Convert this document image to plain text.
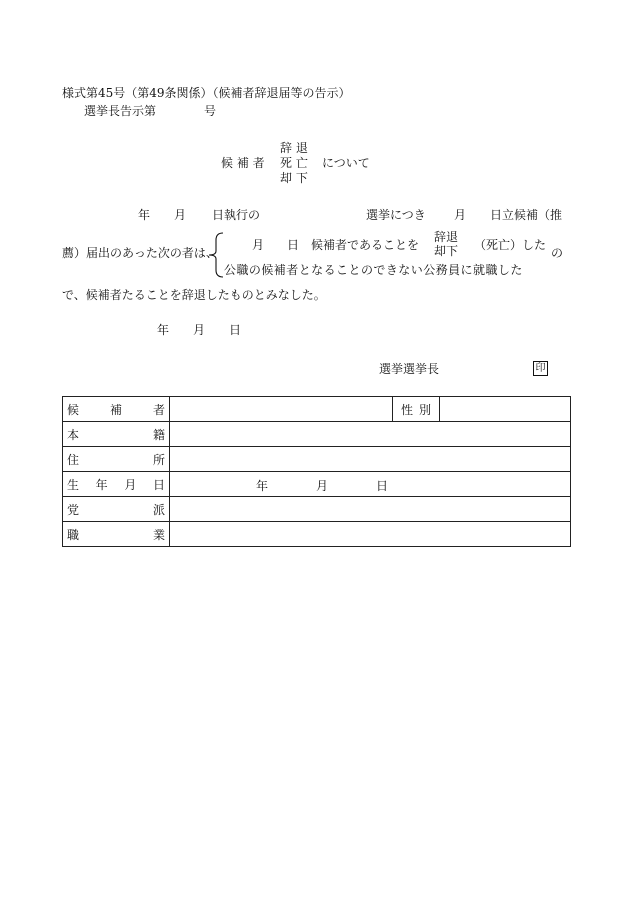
様式第45号（第49条関係）（候補者辞退届等の告示）
選挙長告示第	号
辞 退
候 補 者 死 亡 について
却 下
年 月 日執行の	選挙につき 月 日立候補（推
薦）届出のあった次の者は、
月 日 候補者であることを
辞退
却下 （死亡）した
の
公職の候補者となることのできない公務員に就職した
で、候補者たることを辞退したものとみなした。
年 月 日
選挙選挙長	印
候補者		性別	

本籍			

住所			

生年月日	年 月 日		

党派			

職業			
